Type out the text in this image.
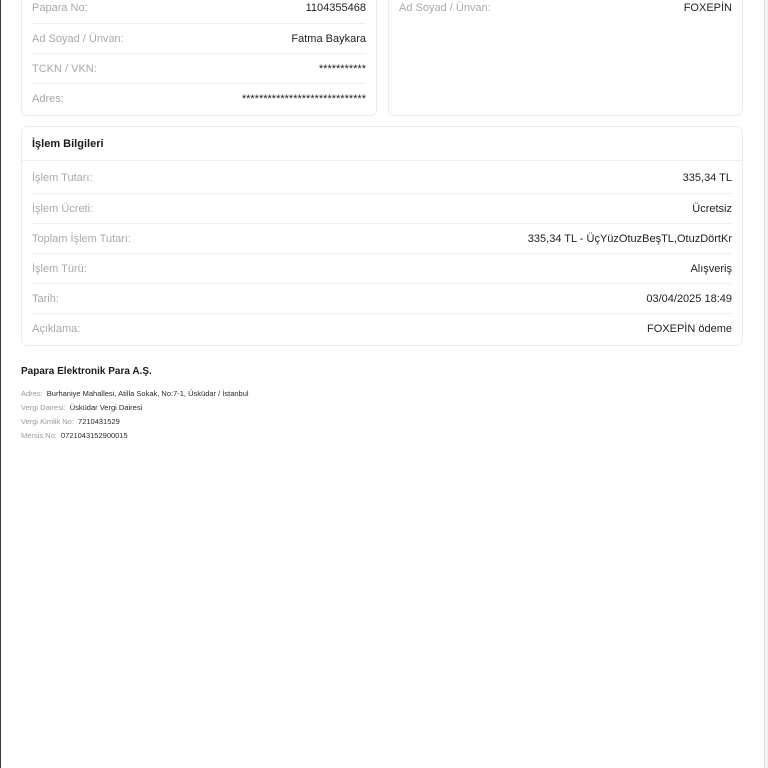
Papara No:	1104355468
Ad Soyad / Ünvan:	Fatma Baykara
TCKN / VKN:	***********
Adres:	*****************************
Ad Soyad / Ünvan:	FOXEPİN
İşlem Bilgileri
İşlem Tutarı:	335,34 TL
İşlem Ücreti:	Ücretsiz
Toplam İşlem Tutarı:	335,34 TL - ÜçYüzOtuzBeşTL,OtuzDörtKr
İşlem Türü:	Alışveriş
Tarih:	03/04/2025 18:49
Açıklama:	FOXEPİN ödeme
Papara Elektronik Para A.Ş.
Adres: Burhaniye Mahallesi, Atilla Sokak, No:7-1, Üsküdar / İstanbul
Vergi Dairesi: Üsküdar Vergi Dairesi
Vergi Kimlik No: 7210431529
Mersis No: 0721043152900015
